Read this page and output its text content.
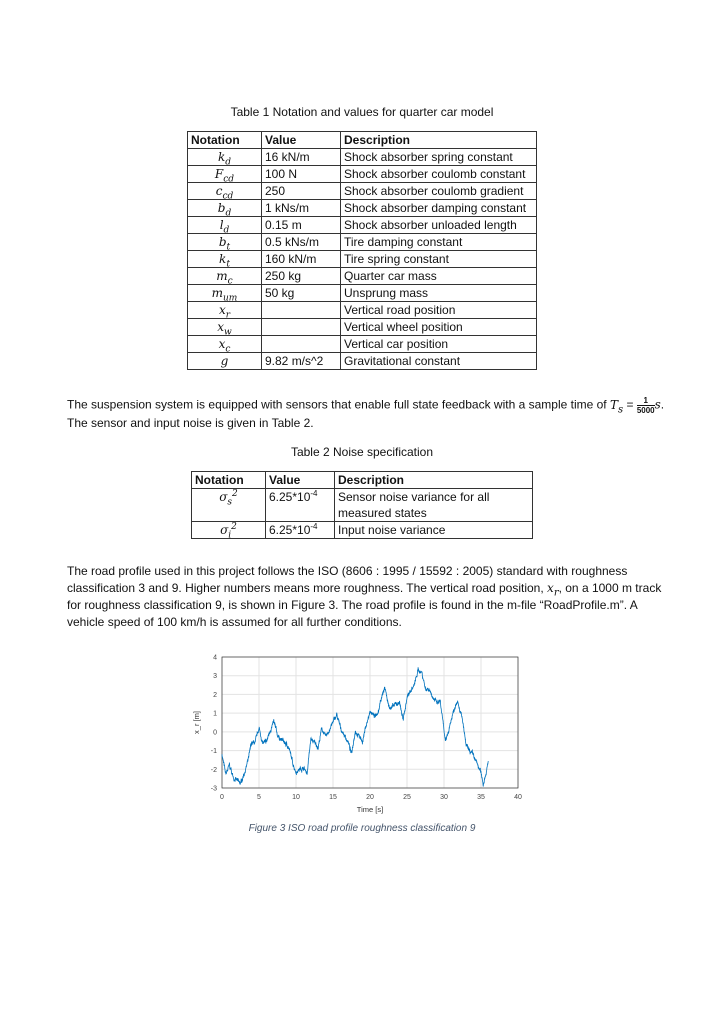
Table 1 Notation and values for quarter car model
Notation	Value	Description
$k_d$	16 kN/m	Shock absorber spring constant
$F_{cd}$	100 N	Shock absorber coulomb constant
$c_{cd}$	250	Shock absorber coulomb gradient
$b_d$	1 kNs/m	Shock absorber damping constant
$l_d$	0.15 m	Shock absorber unloaded length
$b_t$	0.5 kNs/m	Tire damping constant
$k_t$	160 kN/m	Tire spring constant
$m_c$	250 kg	Quarter car mass
$m_{um}$	50 kg	Unsprung mass
$x_r$		Vertical road position
$x_w$		Vertical wheel position
$x_c$		Vertical car position
g	9.82 m/s^2	Gravitational constant
The suspension system is equipped with sensors that enable full state feedback with a sample time of $T_s = \frac{1}{5000} s$. The sensor and input noise is given in Table 2.
Table 2 Noise specification
Notation	Value	Description
$\sigma_s^2$	$6.25*10^{-4}$	Sensor noise variance for all measured states
$\sigma_i^2$	$6.25*10^{-4}$	Input noise variance
The road profile used in this project follows the ISO (8606 : 1995 / 15592 : 2005) standard with roughness classification 3 and 9. Higher numbers means more roughness. The vertical road position, $x_r$, on a 1000 m track for roughness classification 9, is shown in Figure 3. The road profile is found in the m-file “RoadProfile.m”. A vehicle speed of 100 km/h is assumed for all further conditions.
0	5	10	15	20	25	30	35	40
-3
-2
-1
0
1
2
3
4
Time [s]
x_r [m]
Figure 3 ISO road profile roughness classification 9
